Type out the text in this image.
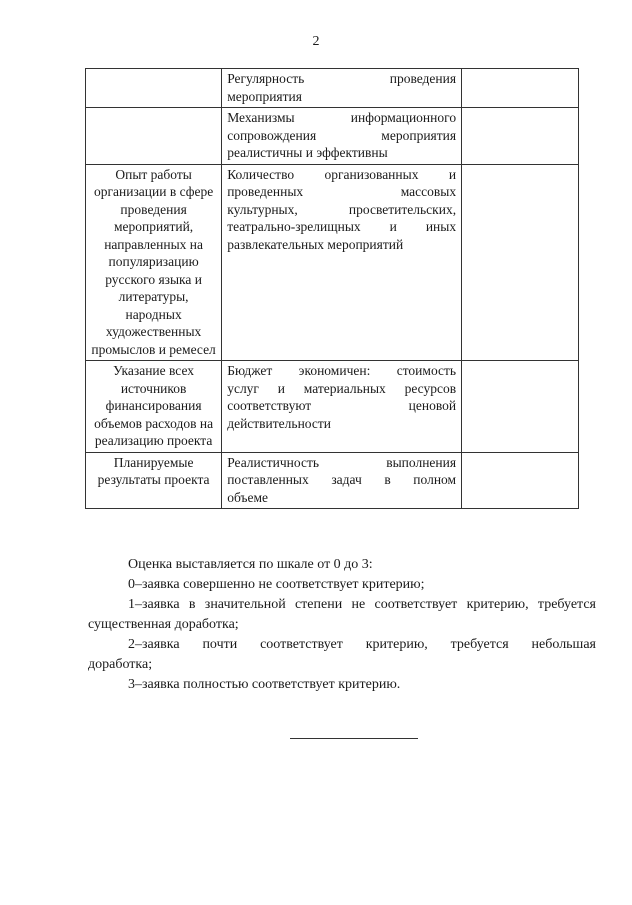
2

	Регулярность проведения
мероприятия	

	Механизмы информационного
сопровождения мероприятия
реалистичны и эффективны	

Опыт работы организации в сфере проведения мероприятий, направленных на популяризацию русского языка и литературы, народных художественных промыслов и ремесел	Количество организованных и
проведенных массовых
культурных, просветительских,
театрально-зрелищных и иных
развлекательных мероприятий	

Указание всех источников финансирования объемов расходов на реализацию проекта	Бюджет экономичен: стоимость
услуг и материальных ресурсов
соответствуют ценовой
действительности	

Планируемые результаты проекта	Реалистичность выполнения
поставленных задач в полном
объеме	

Оценка выставляется по шкале от 0 до 3:

0–заявка совершенно не соответствует критерию;

1–заявка в значительной степени не соответствует критерию, требуется

существенная доработка;

2–заявка почти соответствует критерию, требуется небольшая

доработка;

3–заявка полностью соответствует критерию.
